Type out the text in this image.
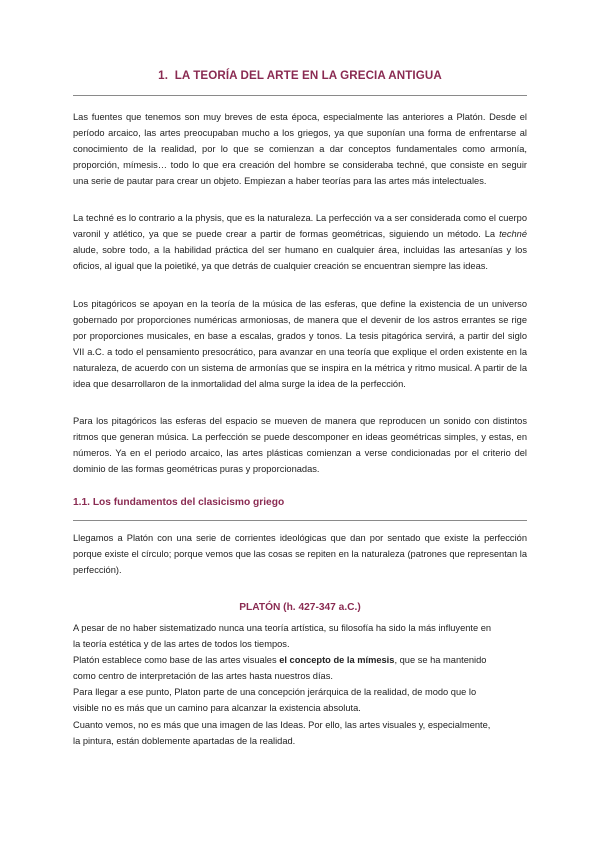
1. LA TEORÍA DEL ARTE EN LA GRECIA ANTIGUA

Las fuentes que tenemos son muy breves de esta época, especialmente las anteriores a Platón. Desde el período arcaico, las artes preocupaban mucho a los griegos, ya que suponían una forma de enfrentarse al conocimiento de la realidad, por lo que se comienzan a dar conceptos fundamentales como armonía, proporción, mímesis… todo lo que era creación del hombre se consideraba techné, que consiste en seguir una serie de pautar para crear un objeto. Empiezan a haber teorías para las artes más intelectuales.

La techné es lo contrario a la physis, que es la naturaleza. La perfección va a ser considerada como el cuerpo varonil y atlético, ya que se puede crear a partir de formas geométricas, siguiendo un método. La techné alude, sobre todo, a la habilidad práctica del ser humano en cualquier área, incluidas las artesanías y los oficios, al igual que la poietiké, ya que detrás de cualquier creación se encuentran siempre las ideas.

Los pitagóricos se apoyan en la teoría de la música de las esferas, que define la existencia de un universo gobernado por proporciones numéricas armoniosas, de manera que el devenir de los astros errantes se rige por proporciones musicales, en base a escalas, grados y tonos. La tesis pitagórica servirá, a partir del siglo VII a.C. a todo el pensamiento presocrático, para avanzar en una teoría que explique el orden existente en la naturaleza, de acuerdo con un sistema de armonías que se inspira en la métrica y ritmo musical. A partir de la idea que desarrollaron de la inmortalidad del alma surge la idea de la perfección.

Para los pitagóricos las esferas del espacio se mueven de manera que reproducen un sonido con distintos ritmos que generan música. La perfección se puede descomponer en ideas geométricas simples, y estas, en números. Ya en el periodo arcaico, las artes plásticas comienzan a verse condicionadas por el criterio del dominio de las formas geométricas puras y proporcionadas.

1.1. Los fundamentos del clasicismo griego

Llegamos a Platón con una serie de corrientes ideológicas que dan por sentado que existe la perfección porque existe el círculo; porque vemos que las cosas se repiten en la naturaleza (patrones que representan la perfección).

PLATÓN (h. 427-347 a.C.)
A pesar de no haber sistematizado nunca una teoría artística, su filosofía ha sido la más influyente en
la teoría estética y de las artes de todos los tiempos.
Platón establece como base de las artes visuales el concepto de la mímesis, que se ha mantenido
como centro de interpretación de las artes hasta nuestros días.
Para llegar a ese punto, Platon parte de una concepción jerárquica de la realidad, de modo que lo
visible no es más que un camino para alcanzar la existencia absoluta.
Cuanto vemos, no es más que una imagen de las Ideas. Por ello, las artes visuales y, especialmente,
la pintura, están doblemente apartadas de la realidad.
